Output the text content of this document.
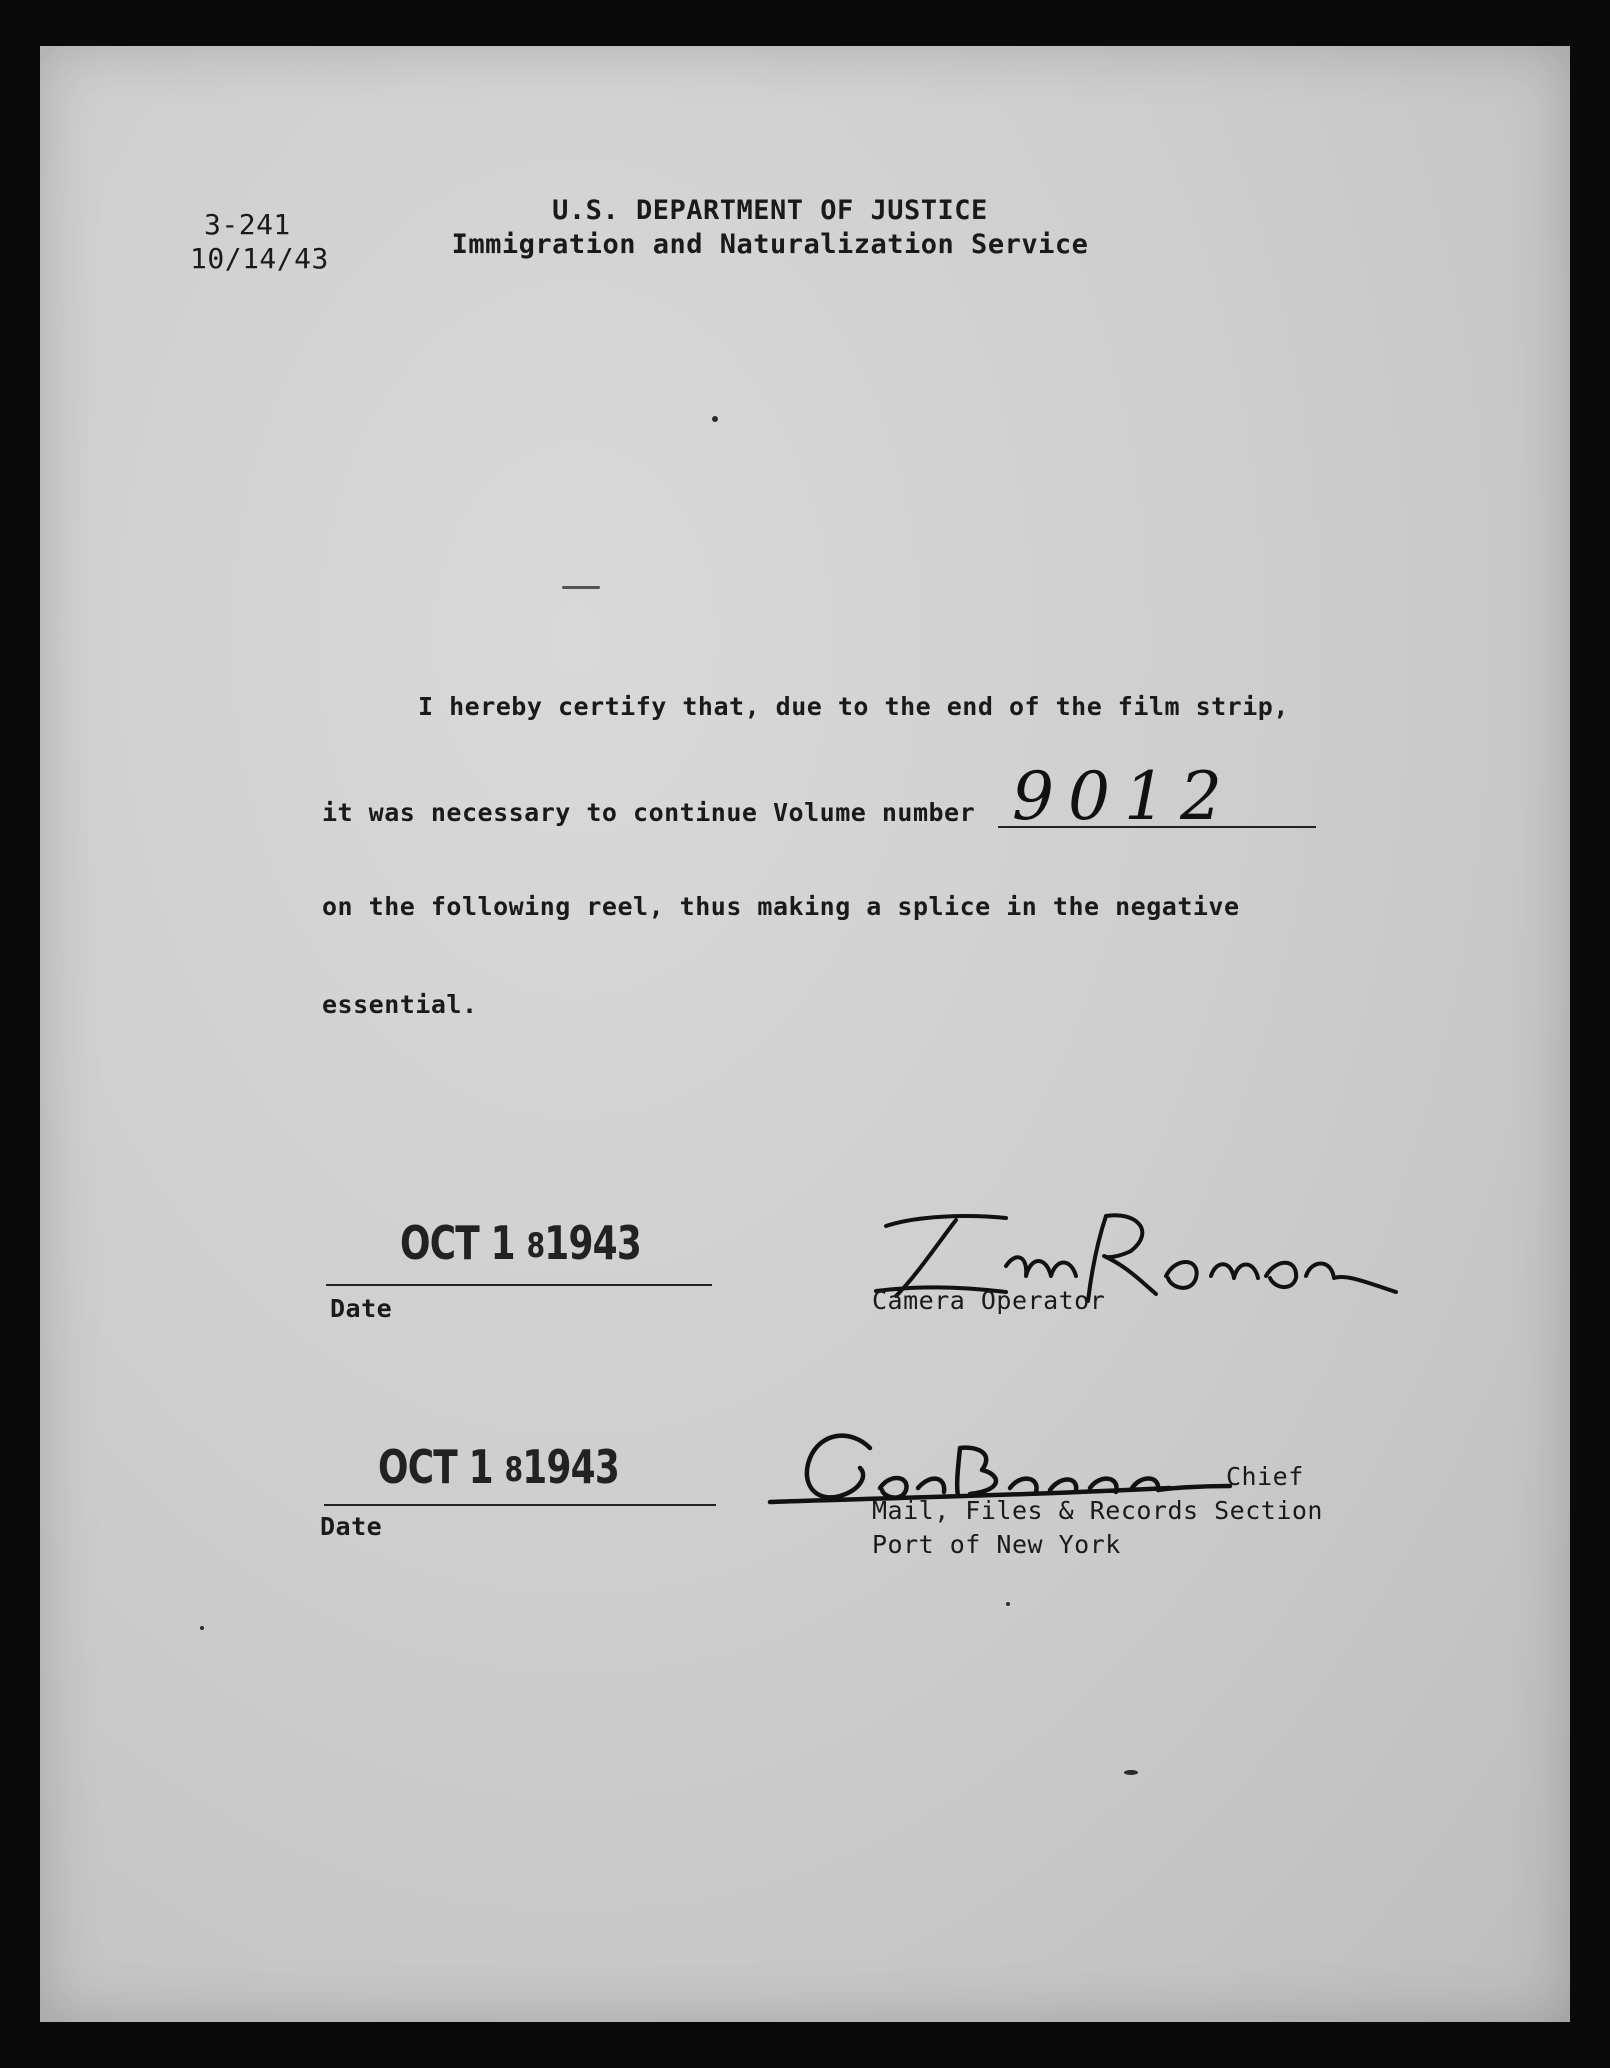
3-241
10/14/43
U.S. DEPARTMENT OF JUSTICE
Immigration and Naturalization Service
I hereby certify that, due to the end of the film strip,
it was necessary to continue Volume number 9012
on the following reel, thus making a splice in the negative
essential.
OCT 1 81943
Date	Camera Operator
OCT 1 81943
Date
Chief
Mail, Files & Records Section
Port of New York
